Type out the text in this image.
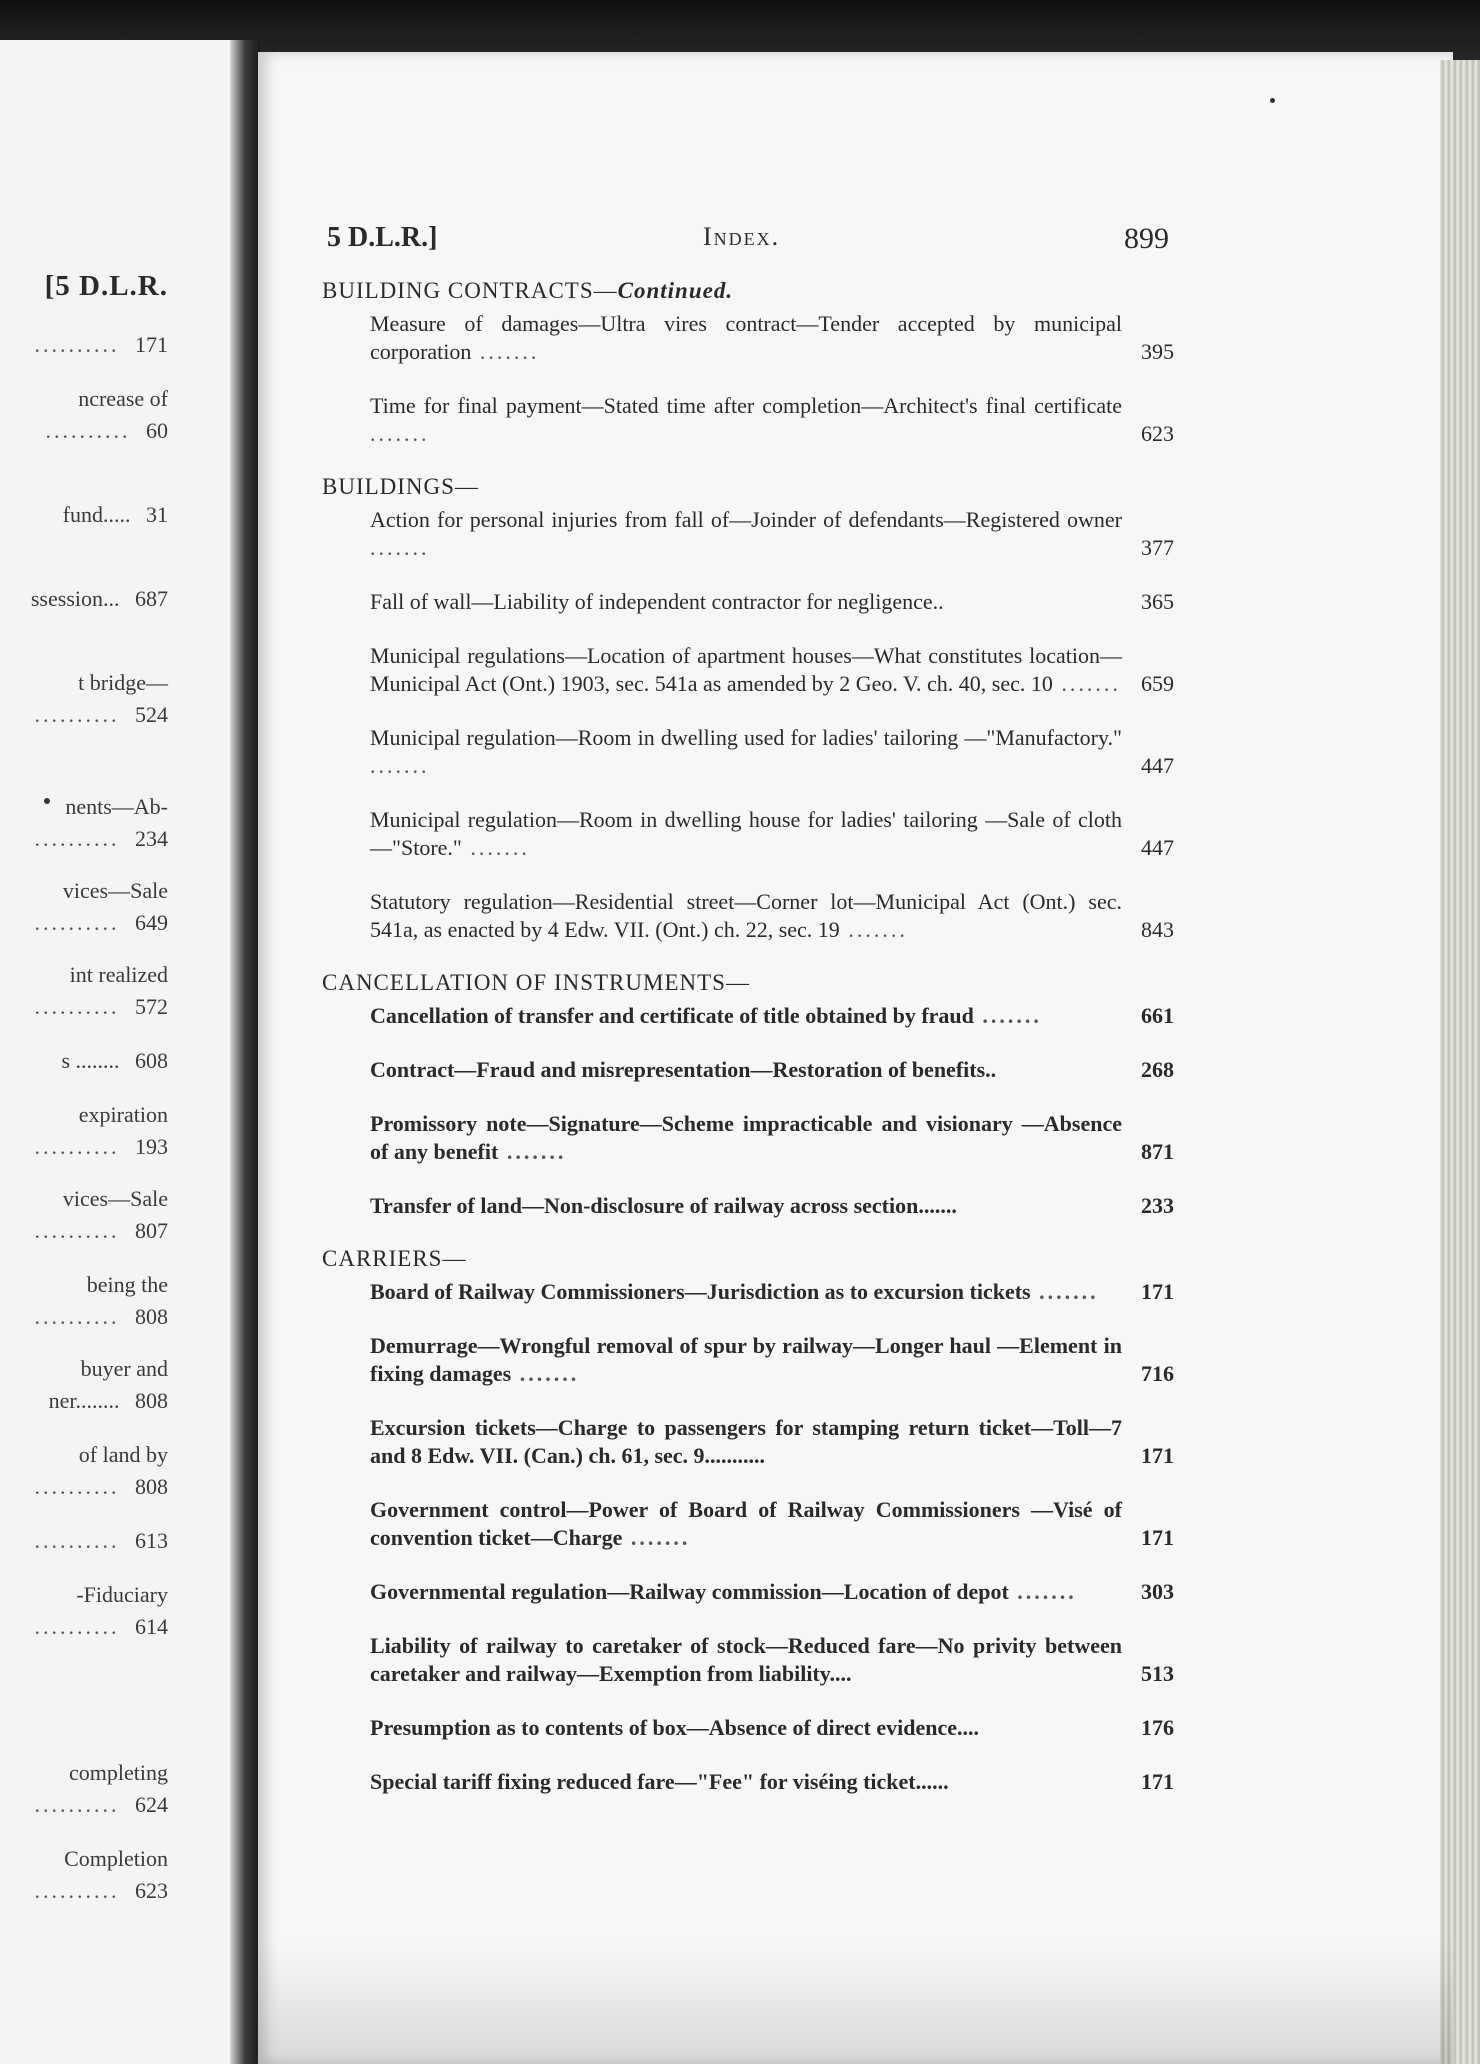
[5 D.L.R.
.......... 171
ncrease of
.......... 60
fund..... 31
ssession... 687
t bridge—
.......... 524
nents—Ab-
.......... 234
vices—Sale
.......... 649
int realized
.......... 572
s ........ 608
expiration
.......... 193
vices—Sale
.......... 807
being the
.......... 808
buyer and
ner........ 808
of land by
.......... 808
.......... 613
-Fiduciary
.......... 614
completing
.......... 624
Completion
.......... 623
5 D.L.R.]	Index.	899
BUILDING CONTRACTS—Continued.
Measure of damages—Ultra vires contract—Tender accepted by municipal corporation .......	395
Time for final payment—Stated time after completion—Architect's final certificate .......	623
BUILDINGS—
Action for personal injuries from fall of—Joinder of defendants—Registered owner .......	377
Fall of wall—Liability of independent contractor for negligence..	365
Municipal regulations—Location of apartment houses—What constitutes location—Municipal Act (Ont.) 1903, sec. 541a as amended by 2 Geo. V. ch. 40, sec. 10 ....... 659
Municipal regulation—Room in dwelling used for ladies' tailoring —"Manufactory." .......	447
Municipal regulation—Room in dwelling house for ladies' tailoring —Sale of cloth—"Store." .......	447
Statutory regulation—Residential street—Corner lot—Municipal Act (Ont.) sec. 541a, as enacted by 4 Edw. VII. (Ont.) ch. 22, sec. 19 .......	843
CANCELLATION OF INSTRUMENTS—
Cancellation of transfer and certificate of title obtained by fraud .......	661
Contract—Fraud and misrepresentation—Restoration of benefits..	268
Promissory note—Signature—Scheme impracticable and visionary —Absence of any benefit .......	871
Transfer of land—Non-disclosure of railway across section.......	233
CARRIERS—
Board of Railway Commissioners—Jurisdiction as to excursion tickets ....... 171
Demurrage—Wrongful removal of spur by railway—Longer haul —Element in fixing damages .......	716
Excursion tickets—Charge to passengers for stamping return ticket—Toll—7 and 8 Edw. VII. (Can.) ch. 61, sec. 9...........	171
Government control—Power of Board of Railway Commissioners —Visé of convention ticket—Charge .......	171
Governmental regulation—Railway commission—Location of depot .......	303
Liability of railway to caretaker of stock—Reduced fare—No privity between caretaker and railway—Exemption from liability....	513
Presumption as to contents of box—Absence of direct evidence....	176
Special tariff fixing reduced fare—"Fee" for viséing ticket......	171
